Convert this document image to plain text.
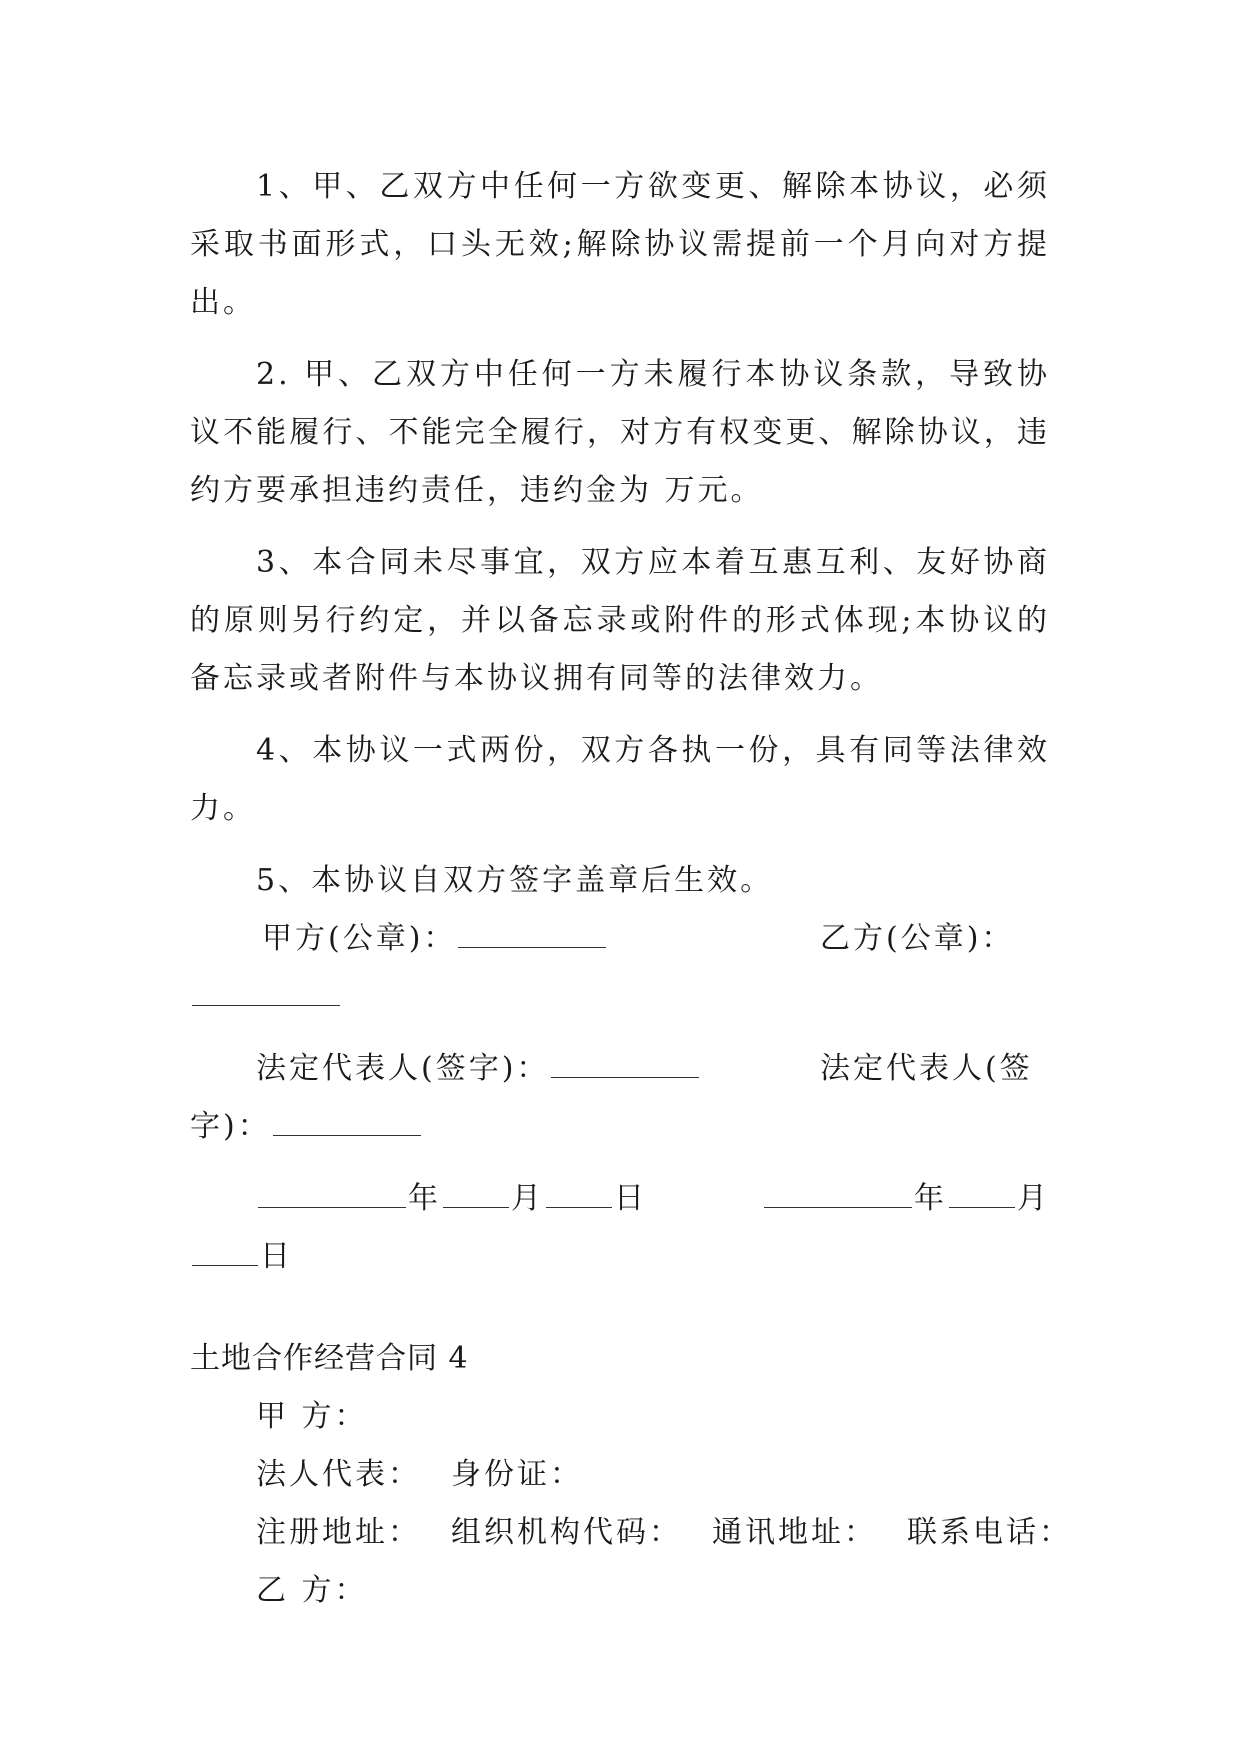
1、甲、乙双方中任何一方欲变更、解除本协议，必须采取书面形式，口头无效;解除协议需提前一个月向对方提出。

2. 甲、乙双方中任何一方未履行本协议条款，导致协议不能履行、不能完全履行，对方有权变更、解除协议，违约方要承担违约责任，违约金为 万元。

3、本合同未尽事宜，双方应本着互惠互利、友好协商的原则另行约定，并以备忘录或附件的形式体现;本协议的备忘录或者附件与本协议拥有同等的法律效力。

4、本协议一式两份，双方各执一份，具有同等法律效力。

5、本协议自双方签字盖章后生效。

甲方(公章)：	乙方(公章)：
法定代表人(签字)：	法定代表人(签
字)：
年 月 日	年 月
日

土地合作经营合同 4

甲 方：

法人代表： 身份证：

注册地址： 组织机构代码： 通讯地址： 联系电话：

乙 方：
